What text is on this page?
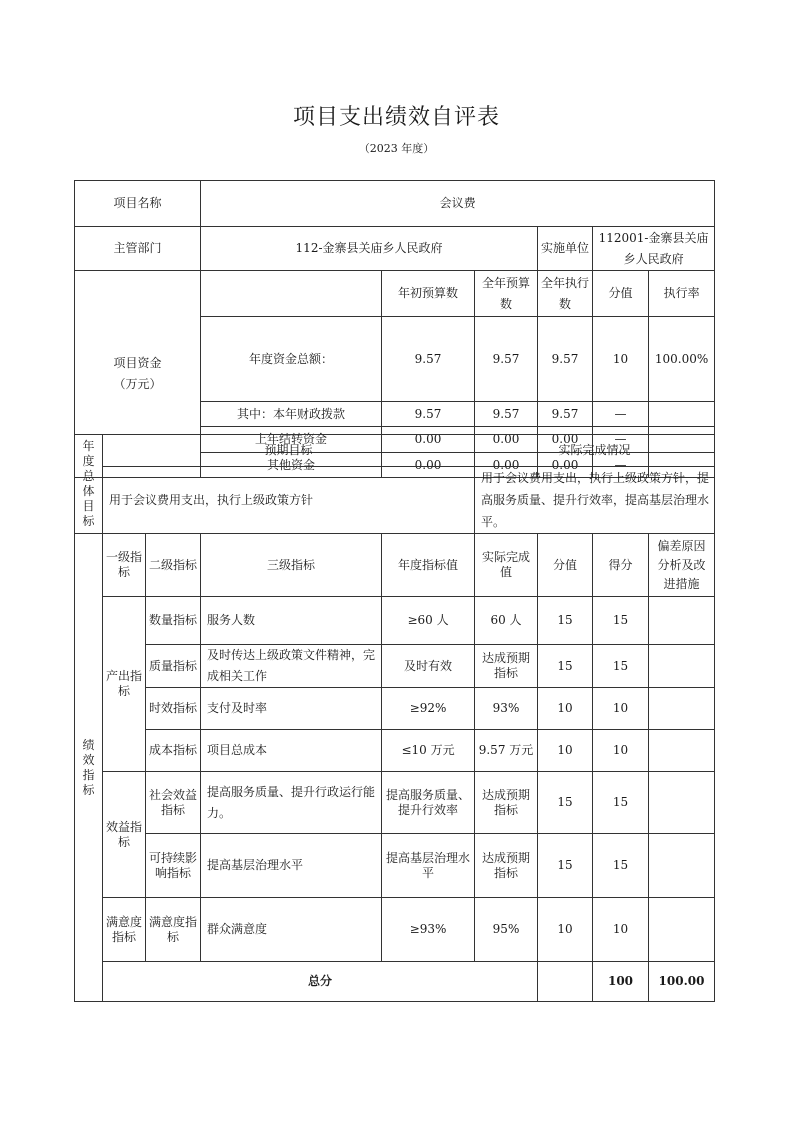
项目支出绩效自评表
（2023 年度）
项目名称	会议费						
主管部门	112-金寨县关庙乡人民政府			实施单位	112001-金寨县关庙乡人民政府		

项目资金
（万元）		年初预算数	全年预算数	全年执行数	分值	执行率	
	年度资金总额：	9.57	9.57	9.57	10	100.00%	
	其中：本年财政拨款	9.57	9.57	9.57	—		
	上年结转资金	0.00	0.00	0.00	—		
	其他资金	0.00	0.00	0.00	—		
年度总体目标	预期目标				实际完成情况				
	用于会议费用支出，执行上级政策方针				用于会议费用支出，执行上级政策方针，提高服务质量、提升行效率，提高基层治理水平。				

绩效指标	一级指标	二级指标	三级指标	年度指标值	实际完成值	分值	得分	偏差原因分析及改进措施	
	产出指标	数量指标	服务人数	≥60 人	60 人	15	15		
		质量指标	及时传达上级政策文件精神，完成相关工作	及时有效	达成预期指标	15	15		
		时效指标	支付及时率	≥92%	93%	10	10		
		成本指标	项目总成本	≤10 万元	9.57 万元	10	10		
	效益指标	社会效益指标	提高服务质量、提升行政运行能力。	提高服务质量、提升行效率	达成预期指标	15	15		
		可持续影响指标	提高基层治理水平	提高基层治理水平	达成预期指标	15	15		
	满意度指标	满意度指标	群众满意度	≥93%	95%	10	10		
	总分						100	100.00	
